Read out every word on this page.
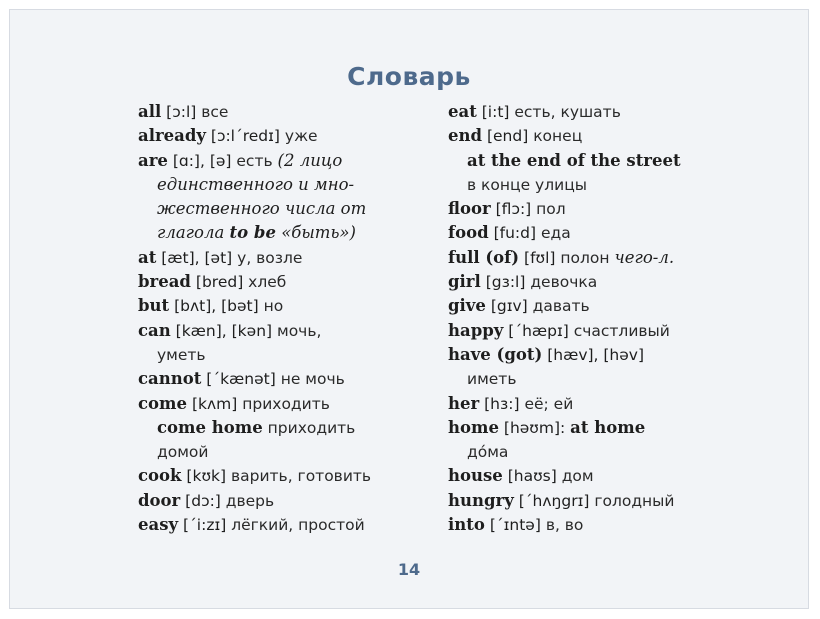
Словарь
all [ɔ:l] все
already [ɔ:lˊredɪ] уже
are [ɑ:], [ə] есть (2 лицо
единственного и мно-
жественного числа от
глагола to be «быть»)
at [æt], [ət] у, возле
bread [bred] хлеб
but [bʌt], [bət] но
can [kæn], [kən] мочь,
уметь
cannot [ˊkænət] не мочь
come [kʌm] приходить
come home приходить
домой
cook [kʊk] варить, готовить
door [dɔ:] дверь
easy [ˊi:zɪ] лёгкий, простой
eat [i:t] есть, кушать
end [end] конец
at the end of the street
в конце улицы
floor [flɔ:] пол
food [fu:d] еда
full (of) [fʊl] полон чего-л.
girl [gɜ:l] девочка
give [gɪv] давать
happy [ˊhæpɪ] счастливый
have (got) [hæv], [həv]
иметь
her [hɜ:] её; ей
home [həʊm]: at home
до́ма
house [haʊs] дом
hungry [ˊhʌŋgrɪ] голодный
into [ˊɪntə] в, во
14
